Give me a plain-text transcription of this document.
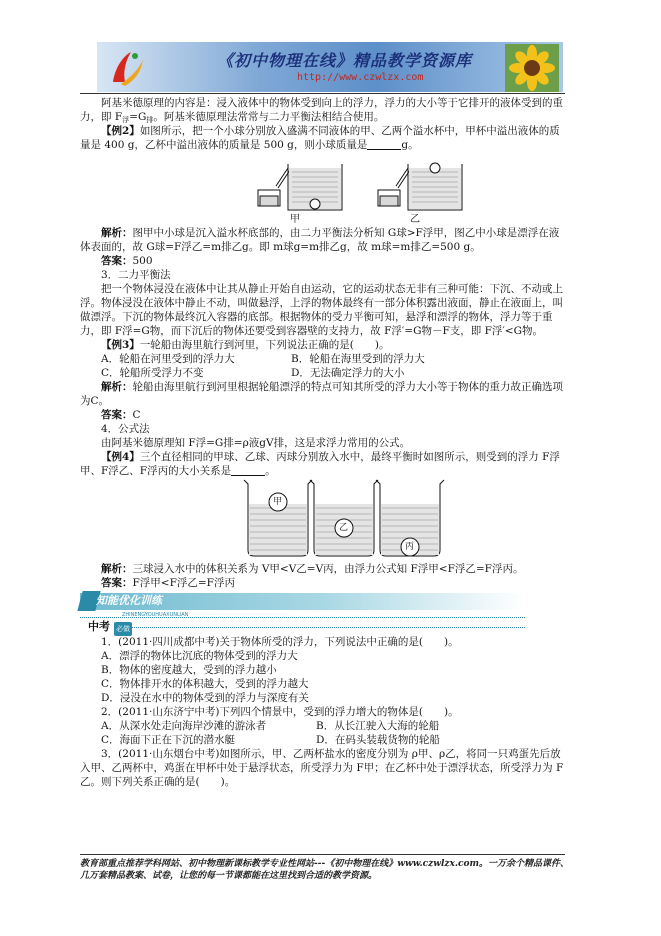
《初中物理在线》精品教学资源库
http://www.czwlzx.com
阿基米德原理的内容是：浸入液体中的物体受到向上的浮力，浮力的大小等于它排开的液体受到的重力，即 $F_浮=G_排$。阿基米德原理法常常与二力平衡法相结合使用。
【例2】如图所示，把一个小球分别放入盛满不同液体的甲、乙两个溢水杯中，甲杯中溢出液体的质量是 400 g，乙杯中溢出液体的质量是 500 g，则小球质量是	g。
甲	乙
解析：图甲中小球是沉入溢水杯底部的，由二力平衡法分析知 G球>F浮甲，图乙中小球是漂浮在液体表面的，故 G球=F浮乙=m排乙g。即 m球g=m排乙g，故 m球=m排乙=500 g。
答案：500
3．二力平衡法
把一个物体浸没在液体中让其从静止开始自由运动，它的运动状态无非有三种可能：下沉、不动或上浮。物体浸没在液体中静止不动，叫做悬浮，上浮的物体最终有一部分体积露出液面，静止在液面上，叫做漂浮。下沉的物体最终沉入容器的底部。根据物体的受力平衡可知，悬浮和漂浮的物体，浮力等于重力，即 F浮=G物，而下沉后的物体还要受到容器壁的支持力，故 F浮′=G物－F支，即 F浮′<G物。
【例3】一轮船由海里航行到河里，下列说法正确的是(　　)。
A．轮船在河里受到的浮力大	B．轮船在海里受到的浮力大
C．轮船所受浮力不变	D．无法确定浮力的大小
解析：轮船由海里航行到河里根据轮船漂浮的特点可知其所受的浮力大小等于物体的重力故正确选项为C。
答案：C
4．公式法
由阿基米德原理知 F浮=G排=ρ液gV排，这是求浮力常用的公式。
【例4】三个直径相同的甲球、乙球、丙球分别放入水中，最终平衡时如图所示，则受到的浮力 F浮甲、F浮乙、F浮丙的大小关系是	。
甲
乙
丙
解析：三球浸入水中的体积关系为 V甲<V乙=V丙，由浮力公式知 F浮甲<F浮乙=F浮丙。
答案：F浮甲<F浮乙=F浮丙
知能优化训练
ZHINENGYOUHUAXUNLIAN
中考 必做
1．(2011·四川成都中考)关于物体所受的浮力，下列说法中正确的是(　　)。
A．漂浮的物体比沉底的物体受到的浮力大
B．物体的密度越大，受到的浮力越小
C．物体排开水的体积越大，受到的浮力越大
D．浸没在水中的物体受到的浮力与深度有关
2．(2011·山东济宁中考)下列四个情景中，受到的浮力增大的物体是(　　)。
A．从深水处走向海岸沙滩的游泳者	B．从长江驶入大海的轮船
C．海面下正在下沉的潜水艇	D．在码头装载货物的轮船
3．(2011·山东烟台中考)如图所示，甲、乙两杯盐水的密度分别为 ρ甲、ρ乙，将同一只鸡蛋先后放入甲、乙两杯中，鸡蛋在甲杯中处于悬浮状态，所受浮力为 F甲；在乙杯中处于漂浮状态，所受浮力为 F乙。则下列关系正确的是(　　)。
教育部重点推荐学科网站、初中物理新课标教学专业性网站---《初中物理在线》www.czwlzx.com。一万余个精品课件、几万套精品教案、试卷，让您的每一节课都能在这里找到合适的教学资源。
